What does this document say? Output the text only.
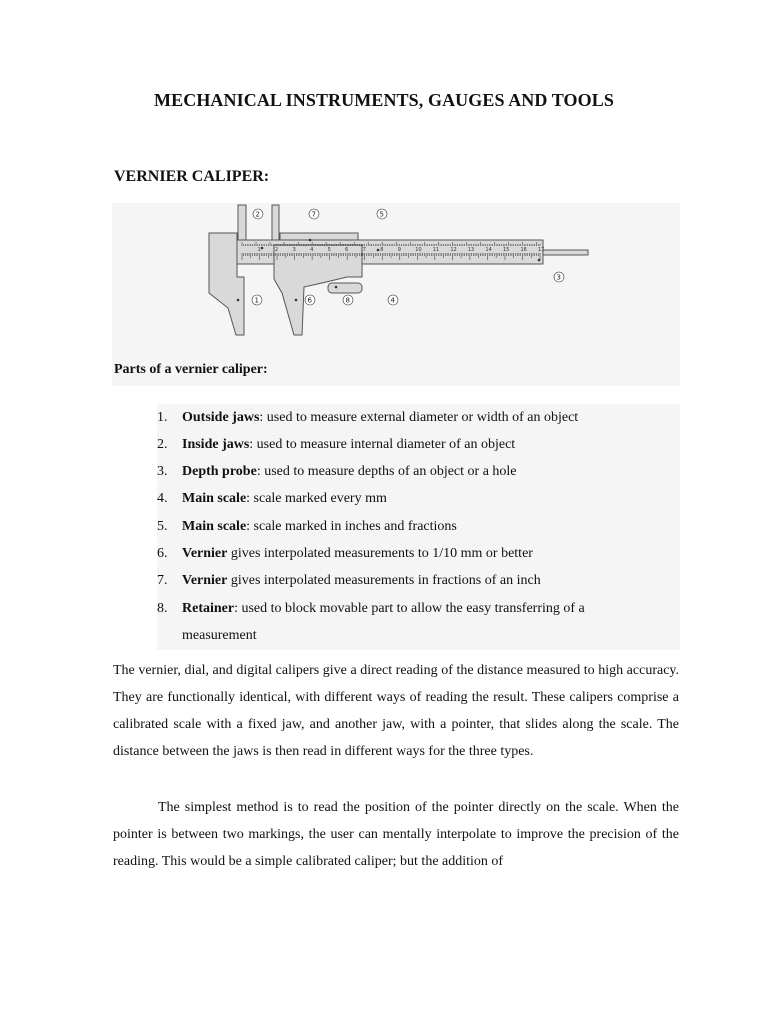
MECHANICAL INSTRUMENTS, GAUGES AND TOOLS
VERNIER CALIPER:
1	2	3	4	5	6	7	8	9	10 11 12 13 14 15 16 17
2	7	5
3
1	6	8	4
Parts of a vernier caliper:
1.	Outside jaws: used to measure external diameter or width of an object
2.	Inside jaws: used to measure internal diameter of an object
3.	Depth probe: used to measure depths of an object or a hole
4.	Main scale: scale marked every mm
5.	Main scale: scale marked in inches and fractions
6.	Vernier gives interpolated measurements to 1/10 mm or better
7.	Vernier gives interpolated measurements in fractions of an inch
8.	Retainer: used to block movable part to allow the easy transferring of a measurement

The vernier, dial, and digital calipers give a direct reading of the distance measured to high accuracy. They are functionally identical, with different ways of reading the result. These calipers comprise a calibrated scale with a fixed jaw, and another jaw, with a pointer, that slides along the scale. The distance between the jaws is then read in different ways for the three types.

The simplest method is to read the position of the pointer directly on the scale. When the pointer is between two markings, the user can mentally interpolate to improve the precision of the reading. This would be a simple calibrated caliper; but the addition of
